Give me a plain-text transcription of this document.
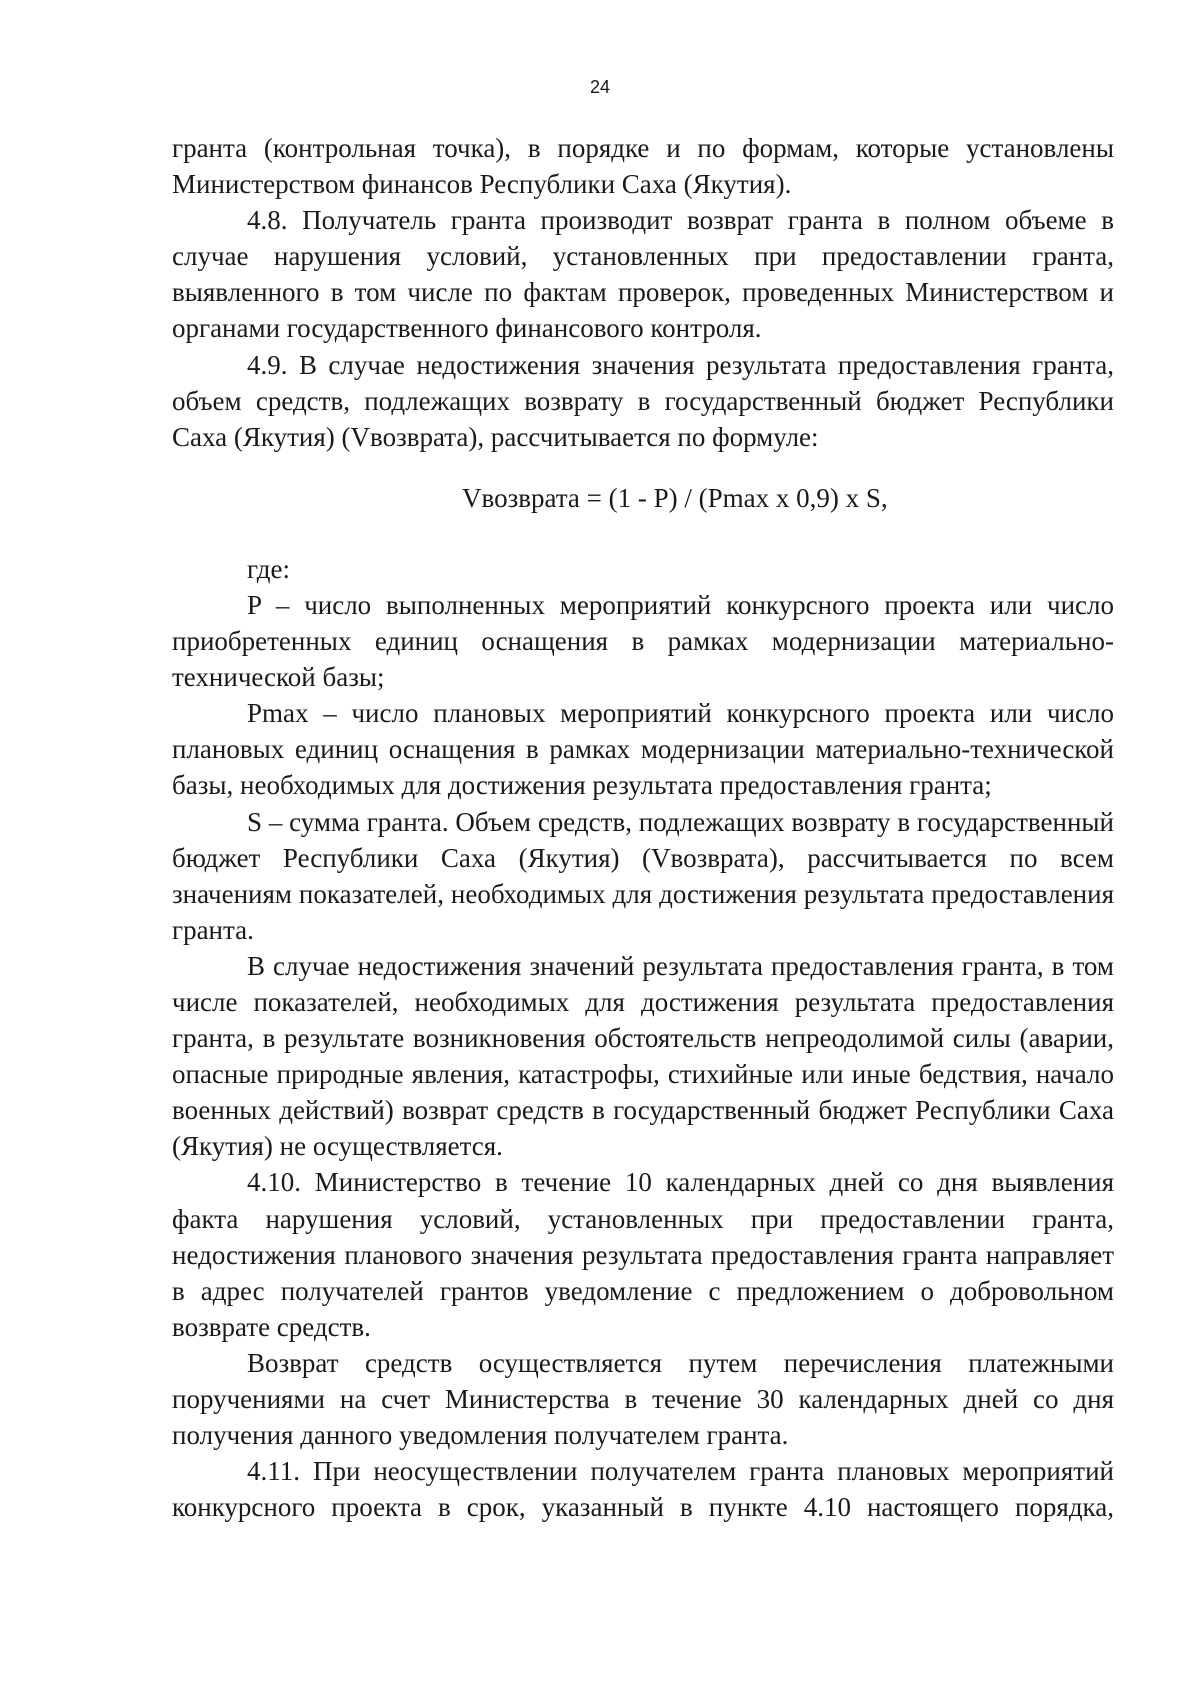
24

гранта (контрольная точка), в порядке и по формам, которые установлены Министерством финансов Республики Саха (Якутия).

4.8. Получатель гранта производит возврат гранта в полном объеме в случае нарушения условий, установленных при предоставлении гранта, выявленного в том числе по фактам проверок, проведенных Министерством и органами государственного финансового контроля.

4.9. В случае недостижения значения результата предоставления гранта, объем средств, подлежащих возврату в государственный бюджет Республики Саха (Якутия) (Vвозврата), рассчитывается по формуле:

Vвозврата = (1 - P) / (Pmax x 0,9) x S,

где:

P – число выполненных мероприятий конкурсного проекта или число приобретенных единиц оснащения в рамках модернизации материально-технической базы;

Pmax – число плановых мероприятий конкурсного проекта или число плановых единиц оснащения в рамках модернизации материально-технической базы, необходимых для достижения результата предоставления гранта;

S – сумма гранта. Объем средств, подлежащих возврату в государственный бюджет Республики Саха (Якутия) (Vвозврата), рассчитывается по всем значениям показателей, необходимых для достижения результата предоставления гранта.

В случае недостижения значений результата предоставления гранта, в том числе показателей, необходимых для достижения результата предоставления гранта, в результате возникновения обстоятельств непреодолимой силы (аварии, опасные природные явления, катастрофы, стихийные или иные бедствия, начало военных действий) возврат средств в государственный бюджет Республики Саха (Якутия) не осуществляется.

4.10. Министерство в течение 10 календарных дней со дня выявления факта нарушения условий, установленных при предоставлении гранта, недостижения планового значения результата предоставления гранта направляет в адрес получателей грантов уведомление с предложением о добровольном возврате средств.

Возврат средств осуществляется путем перечисления платежными поручениями на счет Министерства в течение 30 календарных дней со дня получения данного уведомления получателем гранта.

4.11. При неосуществлении получателем гранта плановых мероприятий конкурсного проекта в срок, указанный в пункте 4.10 настоящего порядка,
